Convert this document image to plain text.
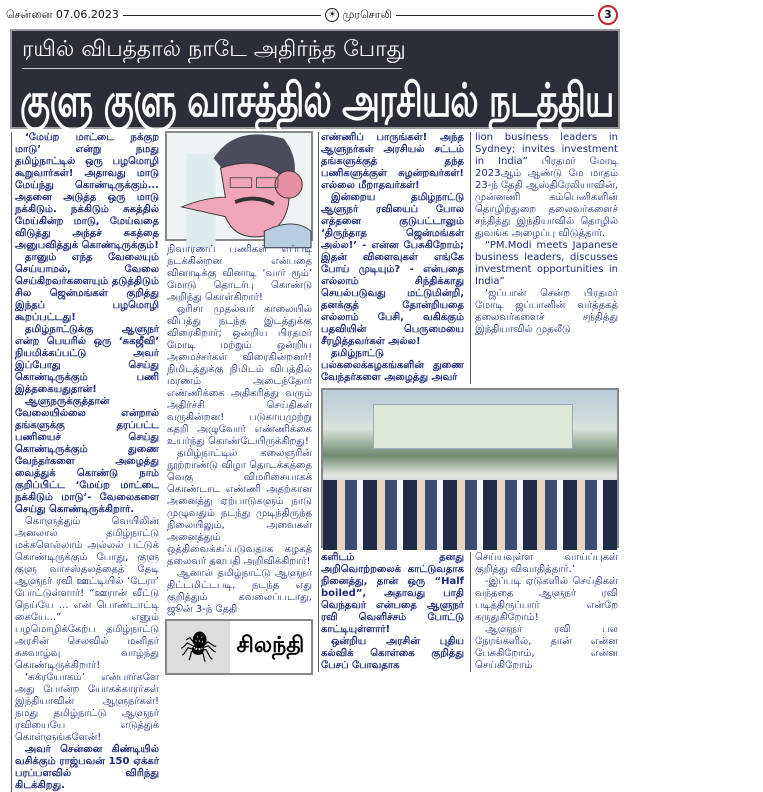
சென்னை 07.06.2023	☀ முரசொலி	3
ரயில் விபத்தால் நாடே அதிர்ந்த போது
குளு குளு வாசத்தில் அரசியல் நடத்திய ஆளுநர்!

‘மேய்ற மாட்டை நக்குற மாடு’ என்று நமது தமிழ்நாட்டில் ஒரு பழமொழி கூறுவார்கள்! அதாவது மாடு மேய்ந்து கொண்டிருக்கும்... அதனை அடுத்த ஒரு மாடு நக்கிடும். நக்கிடும் சுகத்தில் மேய்கின்ற மாடு, மேய்வதை விடுத்து அந்தச் சுகத்தை அனுபவித்துக் கொண்டிருக்கும்!

தானும் எந்த வேலையும் செய்யாமல், வேலை செய்கிறவர்களையும் தடுத்திடும் சில ஜென்மங்கள் குறித்து இந்தப் பழமொழி கூறப்பட்டது!

தமிழ்நாட்டுக்கு ஆளுநர் என்ற பெயரில் ஒரு ‘சுகஜீவி’ நியமிக்கப்பட்டு அவர் இப்போது செய்து கொண்டிருக்கும் பணி இத்தகையதுதான்!

ஆளுநருக்குத்தான் வேலையில்லை என்றால் தங்களுக்கு தரப்பட்ட பணியைச் செய்து கொண்டிருக்கும் துணை வேந்தர்களை அழைத்து வைத்துக் கொண்டு நாம் குறிப்பிட்ட ‘மேய்ற மாட்டை நக்கிடும் மாடு’- வேலைகளை செய்து கொண்டிருக்கிறார்.

கொளுத்தும் வெயிலின் அனலால் தமிழ்நாட்டு மக்களெல்லாம் அல்லல் பட்டுக் கொண்டிருக்கும் போது, குளு குளு வாசஸ்தலத்தைத் தேடி ஆளுநர் ரவி ஊட்டியில் ‘டேரா’ போட்டுள்ளார்! “ஊரான் வீட்டு நெய்யே ... என் பொண்டாட்டி கையே...” எனும் பழமொழிக்கேற்ப தமிழ்நாட்டு அரசின் செலவில் மனிதர் சுகவாழ்வு வாழ்ந்து கொண்டிருக்கிறார்!

‘சுக்ரயோகம்’ என்பார்களே அது போன்ற யோகக்காரர்கள் இந்தியாவின் ஆளுநர்கள்! நமது தமிழ்நாட்டு ஆளுநர் ரவியையே எடுத்துக் கொள்ளுங்களேன்!

அவர் சென்னை கிண்டியில் வசிக்கும் ராஜ்பவன் 150 ஏக்கர் பரப்பளவில் விரிந்து கிடக்கிறது.

நிவாரணப் பணிகள் எப்படி நடக்கின்றன என்பதை வினாடிக்கு வினாடி ‘வார் ரூம்’ மோடு தொடர்பு கொண்டு அறிந்து கொள்கிறார்!

ஒரிசா முதல்வர் காலையில் விபத்து நடந்த இடத்துக்கு விரைகிறார்; ஒன்றிய பிரதமர் மோடி மற்றும் ஒன்றிய அமைச்சர்கள் விரைகின்றனர்! நிமிடத்துக்கு நிமிடம் விபத்தில் மரணம் அடைந்தோர் எண்ணிக்கை அதிகரித்து வரும் அதிர்ச்சி செய்திகள் வருகின்றன! படுகாயமுற்று கதறி அழுவோர் எண்ணிக்கை உயர்ந்து கொண்டேயிருக்கிறது!

தமிழ்நாட்டில் கலைஞரின் நூற்றாண்டு விழா தொடக்கத்தை வெகு விமரிசையாகக் கொண்டாட எண்ணி அதற்கான அனைத்து ஏற்பாடுகளும் நாடு முழுவதும் நடந்து முடிந்திருந்த நிலையிலும், அவைகள் அனைத்தும் ஒத்திவைக்கப்படுவதாக கழகத் தலைவர் தளபதி அறிவிக்கிறார்!

ஆனால் தமிழ்நாட்டு ஆளுநர் திட்டமிட்டபடி, நடந்த எது குறித்தும் கவலைப்படாது, ஜூன் 3-ந் தேதி

🕷 சிலந்தி

எண்ணிப் பாருங்கள்! அந்த ஆளுநர்கள் அரசியல் சட்டம் தங்களுக்குத் தந்த பணிகளுக்குள் சுழன்றவர்கள்! எல்லை மீறாதவர்கள்!

இன்றைய தமிழ்நாட்டு ஆளுநர் ரவியைப் போல எத்தனை குடுபட்டாலும் ‘திருந்தாத ஜென்மங்கள் அல்ல!’ - என்ன பேசுகிறோம்; இதன் விளைவுகள் எங்கே போய் முடியும்? - என்பதை எல்லாம் சிந்திக்காது செயல்படுவது மட்டுமின்றி, தனக்குத் தோன்றியதை எல்லாம் பேசி, வகிக்கும் பதவியின் பெருமையை சீரழித்தவர்கள் அல்ல!

தமிழ்நாட்டு பல்கலைக்கழகங்களின் துணை வேந்தர்களை அழைத்து அவர்

lion business leaders in Sydney; invites investment in India” பிரதமர் மோடி 2023ஆம் ஆண்டு மே மாதம் 23-ந் தேதி ஆஸ்திரேலியாவின், முன்னணி கம்பெனிகளின் தொழிற்துறை தலைவர்களைச் சந்தித்து இந்தியாவில் தொழில் துவங்க அழைப்பு விடுத்தார்.

“PM.Modi meets Japanese business leaders, discusses investment opportunities in India”

‘ஜப்பான் சென்ற பிரதமர் மோடி ஜப்பானின் வர்த்தகத் தலைவர்களைச் சந்தித்து இந்தியாவில் முதலீடு

களிடம் தனது அறிவொற்றலைக் காட்டுவதாக நினைத்து, தான் ஒரு “Half boiled”, அதாவது பாதி வெந்தவர் என்பதை ஆளுநர் ரவி வெளிச்சம் போட்டு காட்டியுள்ளார்!

ஒன்றிய அரசின் புதிய கல்விக் கொள்கை குறித்து பேசப் போவதாக

செய்யவுள்ள வாய்ப்புகள் குறித்து விவாதித்தார்.’

-இப்படி ஏடுகளில் செய்திகள் வந்ததை ஆளுநர் ரவி படித்திருப்பார் என்றே கருதுகிறோம்!

ஆளுநர் ரவி பல நேரங்களில், தான் என்ன பேசுகிறோம், என்ன செய்கிறோம்
